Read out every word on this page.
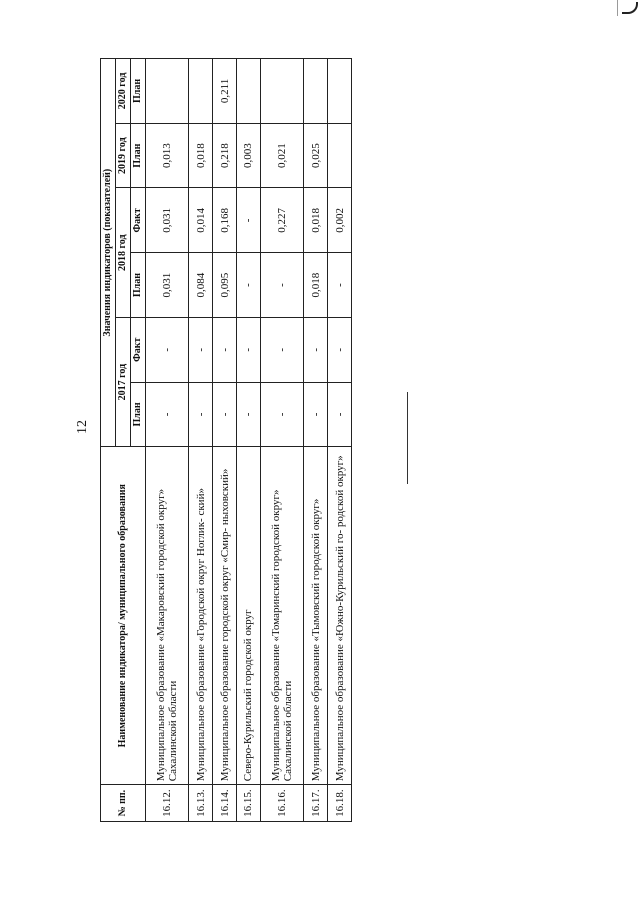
12
№ пп.	Наименование индикатора/ муниципального образования	Значения индикаторов (показателей)					
		2017 год		2018 год		2019 год	2020 год
		План	Факт	План	Факт	План	План
16.12.	Муниципальное образование «Макаровский городской округ» Сахалинской области	-	-	0,031	0,031	0,013	
16.13.	Муниципальное образование «Городской округ Ноглик- ский»	-	-	0,084	0,014	0,018	
16.14.	Муниципальное образование городской округ «Смир- ныховский»	-	-	0,095	0,168	0,218	0,211
16.15.	Северо-Курильский городской округ	-	-	-	-	0,003	
16.16.	Муниципальное образование «Томаринский городской округ» Сахалинской области	-	-	-	0,227	0,021	
16.17.	Муниципальное образование «Тымовский городской округ»	-	-	0,018	0,018	0,025	
16.18.	Муниципальное образование «Южно-Курильский го- родской округ»	-	-	-	0,002		
